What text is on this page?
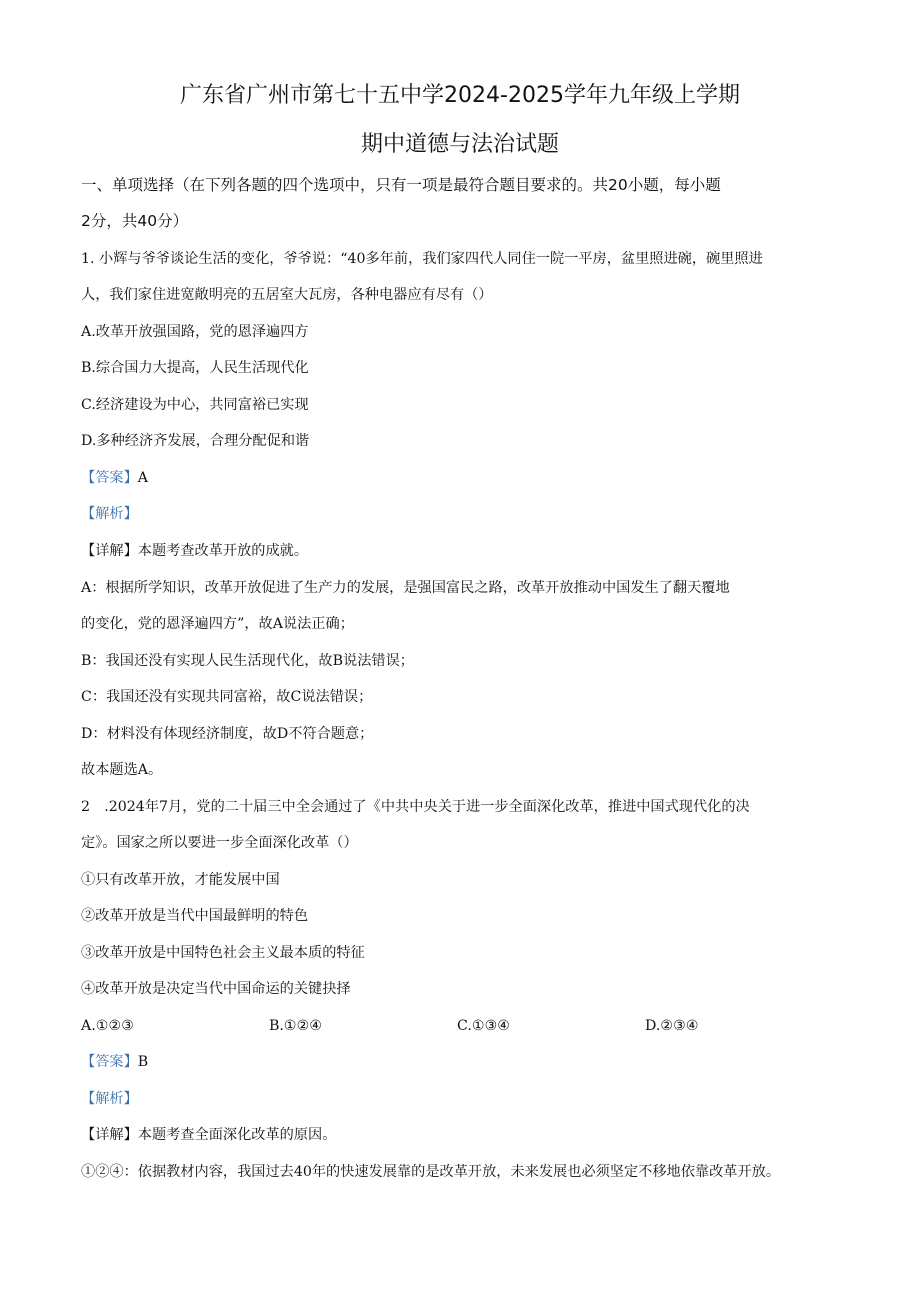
广东省广州市第七十五中学2024-2025学年九年级上学期
期中道德与法治试题
一、单项选择（在下列各题的四个选项中，只有一项是最符合题目要求的。共20小题，每小题
2分，共40分）
1. 小辉与爷爷谈论生活的变化，爷爷说：“40多年前，我们家四代人同住一院一平房，盆里照进碗，碗里照进
人，我们家住进宽敞明亮的五居室大瓦房，各种电器应有尽有（）
A.改革开放强国路，党的恩泽遍四方
B.综合国力大提高，人民生活现代化
C.经济建设为中心，共同富裕已实现
D.多种经济齐发展，合理分配促和谐
【答案】A
【解析】
【详解】本题考查改革开放的成就。
A：根据所学知识，改革开放促进了生产力的发展，是强国富民之路，改革开放推动中国发生了翻天覆地
的变化，党的恩泽遍四方”，故A说法正确；
B：我国还没有实现人民生活现代化，故B说法错误；
C：我国还没有实现共同富裕，故C说法错误；
D：材料没有体现经济制度，故D不符合题意；
故本题选A。
2　.2024年7月，党的二十届三中全会通过了《中共中央关于进一步全面深化改革，推进中国式现代化的决
定》。国家之所以要进一步全面深化改革（）
①只有改革开放，才能发展中国
②改革开放是当代中国最鲜明的特色
③改革开放是中国特色社会主义最本质的特征
④改革开放是决定当代中国命运的关键抉择
A.①②③	B.①②④	C.①③④	D.②③④
【答案】B
【解析】
【详解】本题考查全面深化改革的原因。
①②④：依据教材内容，我国过去40年的快速发展靠的是改革开放，未来发展也必须坚定不移地依靠改革开放。
